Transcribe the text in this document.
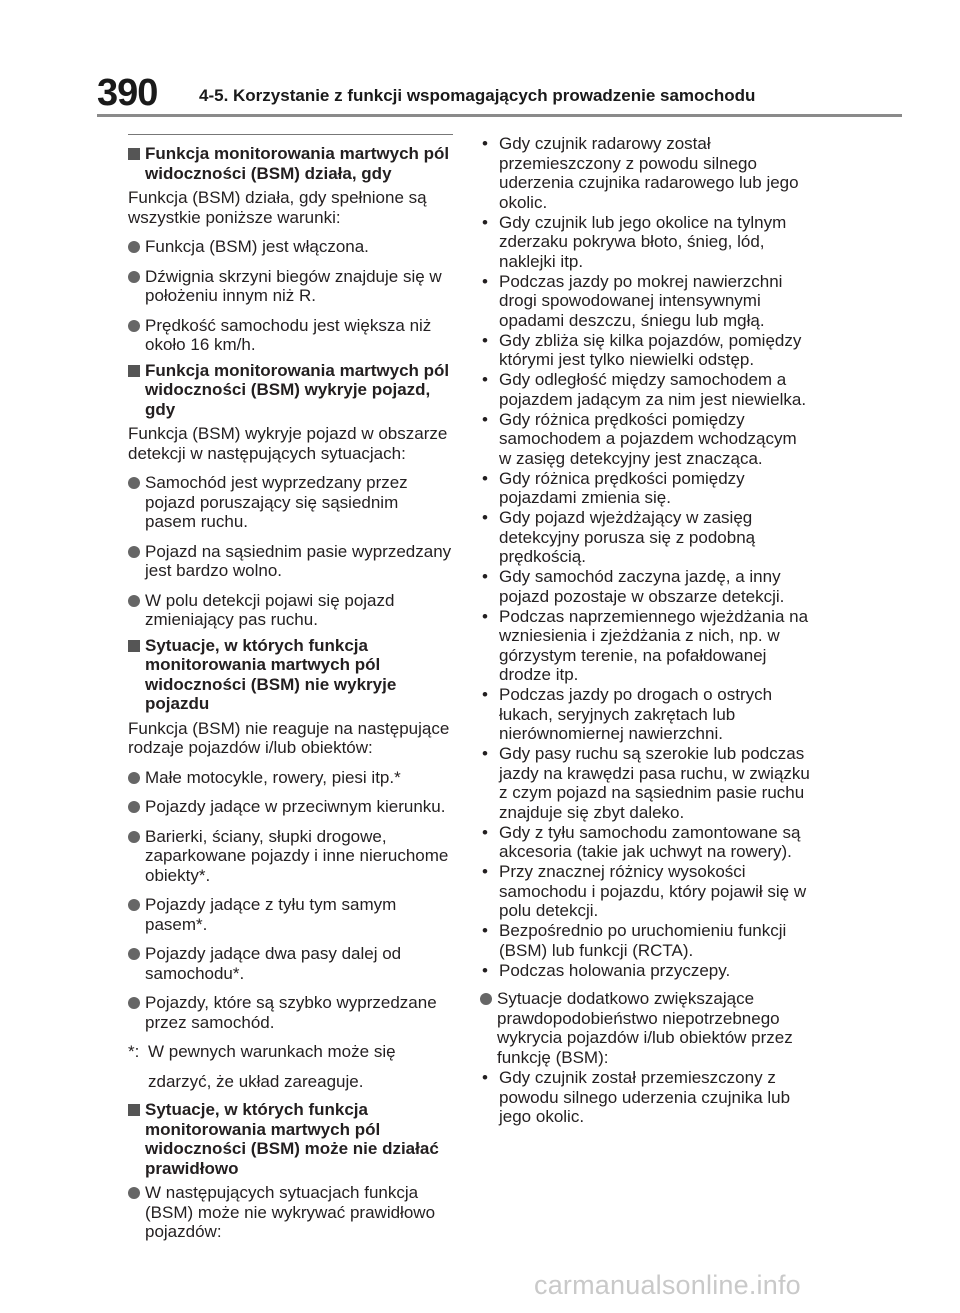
390 4-5. Korzystanie z funkcji wspomagających prowadzenie samochodu
Funkcja monitorowania martwych pól widoczności (BSM) działa, gdy
Funkcja (BSM) działa, gdy spełnione są wszystkie poniższe warunki:
Funkcja (BSM) jest włączona.
Dźwignia skrzyni biegów znajduje się w położeniu innym niż R.
Prędkość samochodu jest większa niż około 16 km/h.
Funkcja monitorowania martwych pól widoczności (BSM) wykryje pojazd, gdy
Funkcja (BSM) wykryje pojazd w obszarze detekcji w następujących sytuacjach:
Samochód jest wyprzedzany przez pojazd poruszający się sąsiednim pasem ruchu.
Pojazd na sąsiednim pasie wyprzedzany jest bardzo wolno.
W polu detekcji pojawi się pojazd zmieniający pas ruchu.
Sytuacje, w których funkcja monitorowania martwych pól widoczności (BSM) nie wykryje pojazdu
Funkcja (BSM) nie reaguje na następujące rodzaje pojazdów i/lub obiektów:
Małe motocykle, rowery, piesi itp.*
Pojazdy jadące w przeciwnym kierunku.
Barierki, ściany, słupki drogowe, zaparkowane pojazdy i inne nieruchome obiekty*.
Pojazdy jadące z tyłu tym samym pasem*.
Pojazdy jadące dwa pasy dalej od samochodu*.
Pojazdy, które są szybko wyprzedzane przez samochód.
*: W pewnych warunkach może się
zdarzyć, że układ zareaguje.
Sytuacje, w których funkcja monitorowania martwych pól widoczności (BSM) może nie działać prawidłowo
W następujących sytuacjach funkcja (BSM) może nie wykrywać prawidłowo pojazdów:
• Gdy czujnik radarowy został przemieszczony z powodu silnego uderzenia czujnika radarowego lub jego okolic.
• Gdy czujnik lub jego okolice na tylnym zderzaku pokrywa błoto, śnieg, lód, naklejki itp.
• Podczas jazdy po mokrej nawierzchni drogi spowodowanej intensywnymi opadami deszczu, śniegu lub mgłą.
• Gdy zbliża się kilka pojazdów, pomiędzy którymi jest tylko niewielki odstęp.
• Gdy odległość między samochodem a pojazdem jadącym za nim jest niewielka.
• Gdy różnica prędkości pomiędzy samochodem a pojazdem wchodzącym w zasięg detekcyjny jest znacząca.
• Gdy różnica prędkości pomiędzy pojazdami zmienia się.
• Gdy pojazd wjeżdżający w zasięg detekcyjny porusza się z podobną prędkością.
• Gdy samochód zaczyna jazdę, a inny pojazd pozostaje w obszarze detekcji.
• Podczas naprzemiennego wjeżdżania na wzniesienia i zjeżdżania z nich, np. w górzystym terenie, na pofałdowanej drodze itp.
• Podczas jazdy po drogach o ostrych łukach, seryjnych zakrętach lub nierównomiernej nawierzchni.
• Gdy pasy ruchu są szerokie lub podczas jazdy na krawędzi pasa ruchu, w związku z czym pojazd na sąsiednim pasie ruchu znajduje się zbyt daleko.
• Gdy z tyłu samochodu zamontowane są akcesoria (takie jak uchwyt na rowery).
• Przy znacznej różnicy wysokości samochodu i pojazdu, który pojawił się w polu detekcji.
• Bezpośrednio po uruchomieniu funkcji (BSM) lub funkcji (RCTA).
• Podczas holowania przyczepy.
Sytuacje dodatkowo zwiększające prawdopodobieństwo niepotrzebnego wykrycia pojazdów i/lub obiektów przez funkcję (BSM):
• Gdy czujnik został przemieszczony z powodu silnego uderzenia czujnika lub jego okolic.
carmanualsonline.info
